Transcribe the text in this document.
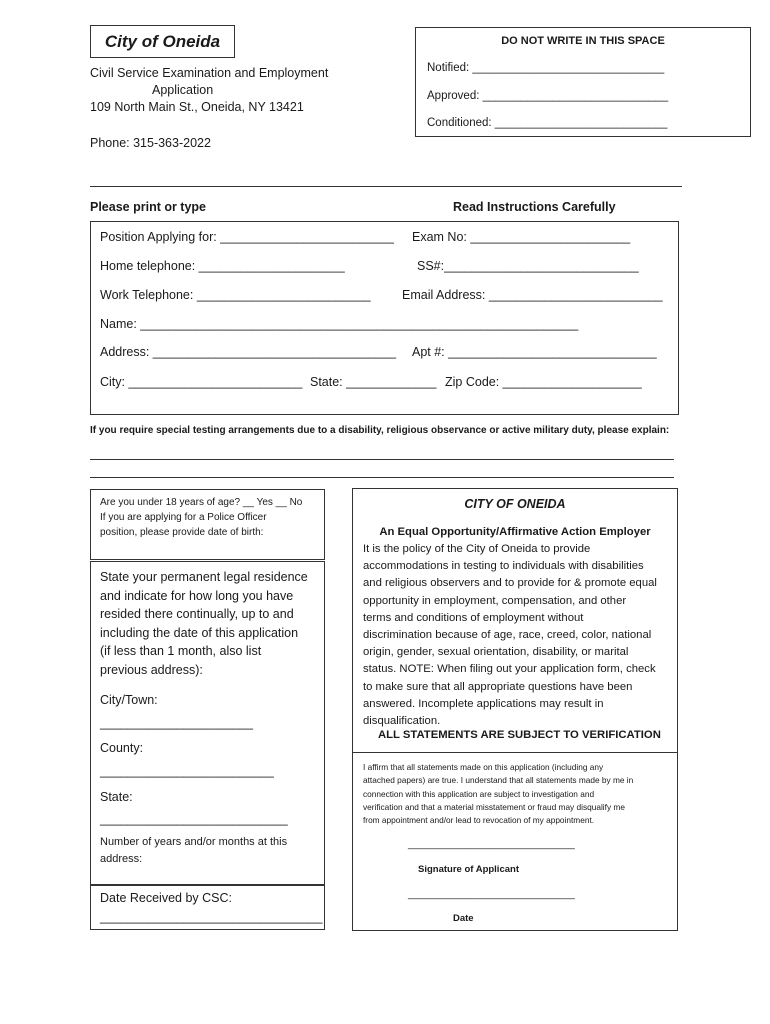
City of Oneida
Civil Service Examination and Employment
Application
109 North Main St., Oneida, NY 13421
Phone: 315-363-2022
DO NOT WRITE IN THIS SPACE
Notified: ______________________________
Approved: _____________________________
Conditioned: ___________________________
Please print or type	Read Instructions Carefully
Position Applying for: _________________________ Exam No: _______________________
Home telephone: _____________________	SS#:____________________________
Work Telephone: _________________________	Email Address: _________________________
Name: _______________________________________________________________
Address: ___________________________________ Apt #: ______________________________
City: _________________________ State: _____________ Zip Code: ____________________
If you require special testing arrangements due to a disability, religious observance or active military duty, please explain:
Are you under 18 years of age? __ Yes __ No
If you are applying for a Police Officer
position, please provide date of birth:
State your permanent legal residence
and indicate for how long you have
resided there continually, up to and
including the date of this application
(if less than 1 month, also list
previous address):
City/Town:
______________________
County:
_________________________
State:
___________________________
Number of years and/or months at this
address:
Date Received by CSC:
________________________________
CITY OF ONEIDA
An Equal Opportunity/Affirmative Action Employer
It is the policy of the City of Oneida to provide
accommodations in testing to individuals with disabilities
and religious observers and to provide for & promote equal
opportunity in employment, compensation, and other
terms and conditions of employment without
discrimination because of age, race, creed, color, national
origin, gender, sexual orientation, disability, or marital
status. NOTE: When filing out your application form, check
to make sure that all appropriate questions have been
answered. Incomplete applications may result in
disqualification.
ALL STATEMENTS ARE SUBJECT TO VERIFICATION
I affirm that all statements made on this application (including any
attached papers) are true. I understand that all statements made by me in
connection with this application are subject to investigation and
verification and that a material misstatement or fraud may disqualify me
from appointment and/or lead to revocation of my appointment.
______________________________
Signature of Applicant
______________________________
Date
